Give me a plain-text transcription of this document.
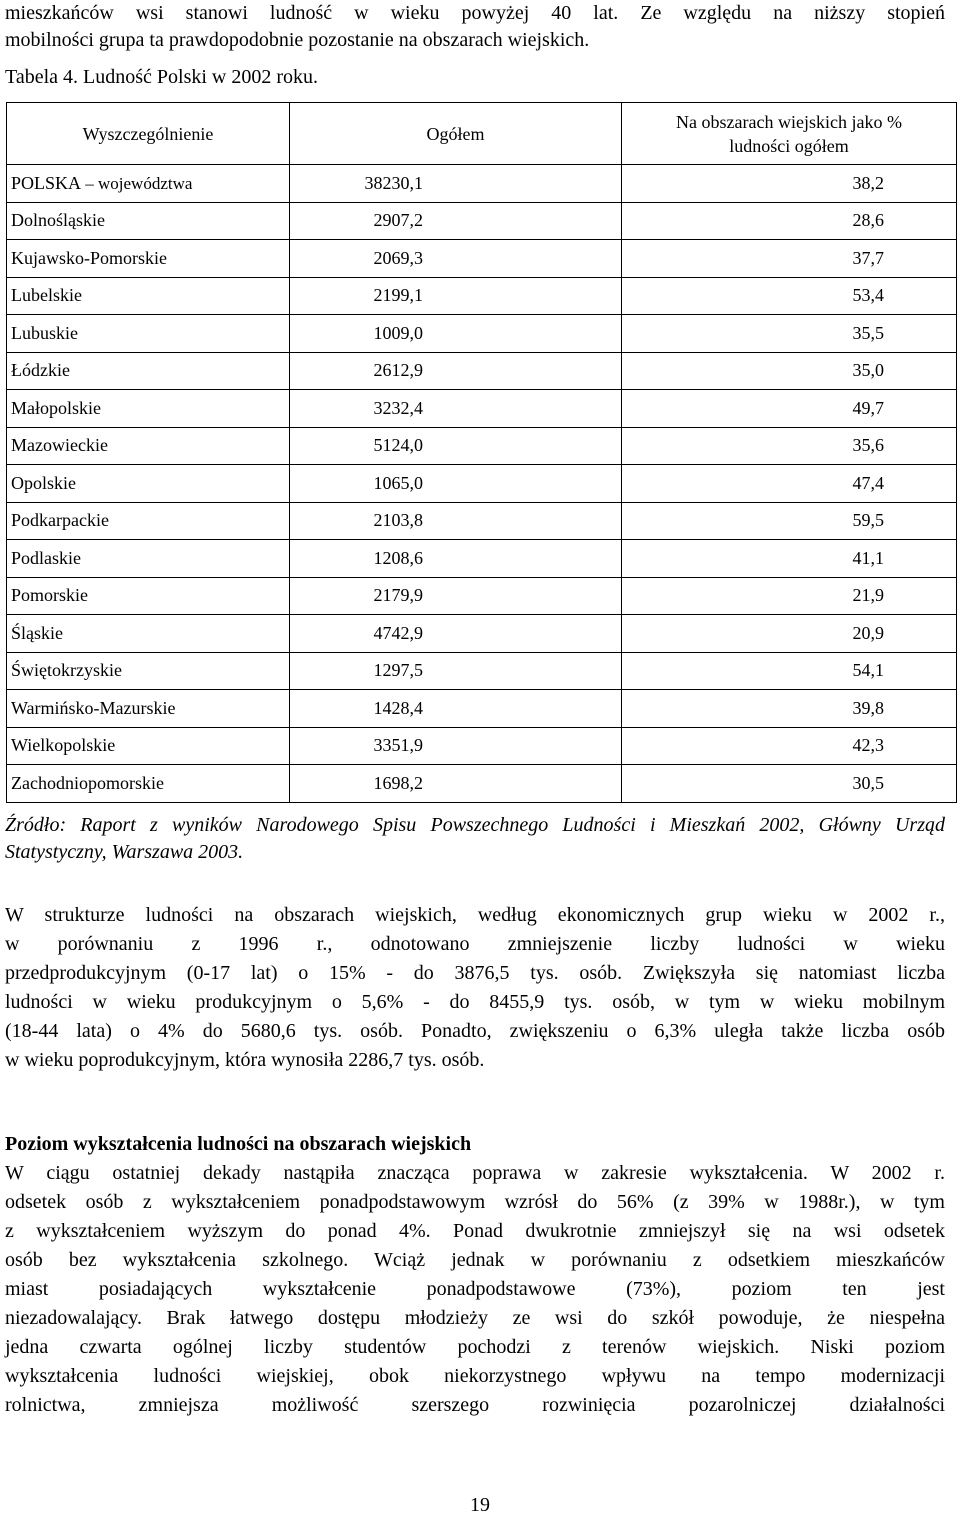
mieszkańców wsi stanowi ludność w wieku powyżej 40 lat. Ze względu na niższy stopień

mobilności grupa ta prawdopodobnie pozostanie na obszarach wiejskich.

Tabela 4. Ludność Polski w 2002 roku.

Wyszczególnienie	Ogółem	Na obszarach wiejskich jako %
ludności ogółem
POLSKA – województwa	38230,1	38,2
Dolnośląskie	2907,2	28,6
Kujawsko-Pomorskie	2069,3	37,7
Lubelskie	2199,1	53,4
Lubuskie	1009,0	35,5
Łódzkie	2612,9	35,0
Małopolskie	3232,4	49,7
Mazowieckie	5124,0	35,6
Opolskie	1065,0	47,4
Podkarpackie	2103,8	59,5
Podlaskie	1208,6	41,1
Pomorskie	2179,9	21,9
Śląskie	4742,9	20,9
Świętokrzyskie	1297,5	54,1
Warmińsko-Mazurskie	1428,4	39,8
Wielkopolskie	3351,9	42,3
Zachodniopomorskie	1698,2	30,5
Źródło: Raport z wyników Narodowego Spisu Powszechnego Ludności i Mieszkań 2002, Główny Urząd
Statystyczny, Warszawa 2003.
W strukturze ludności na obszarach wiejskich, według ekonomicznych grup wieku w 2002 r.,
w porównaniu z 1996 r., odnotowano zmniejszenie liczby ludności w wieku
przedprodukcyjnym (0-17 lat) o 15% - do 3876,5 tys. osób. Zwiększyła się natomiast liczba
ludności w wieku produkcyjnym o 5,6% - do 8455,9 tys. osób, w tym w wieku mobilnym
(18-44 lata) o 4% do 5680,6 tys. osób. Ponadto, zwiększeniu o 6,3% uległa także liczba osób
w wieku poprodukcyjnym, która wynosiła 2286,7 tys. osób.
Poziom wykształcenia ludności na obszarach wiejskich
W ciągu ostatniej dekady nastąpiła znacząca poprawa w zakresie wykształcenia. W 2002 r.
odsetek osób z wykształceniem ponadpodstawowym wzrósł do 56% (z 39% w 1988r.), w tym
z wykształceniem wyższym do ponad 4%. Ponad dwukrotnie zmniejszył się na wsi odsetek
osób bez wykształcenia szkolnego. Wciąż jednak w porównaniu z odsetkiem mieszkańców
miast posiadających wykształcenie ponadpodstawowe (73%), poziom ten jest
niezadowalający. Brak łatwego dostępu młodzieży ze wsi do szkół powoduje, że niespełna
jedna czwarta ogólnej liczby studentów pochodzi z terenów wiejskich. Niski poziom
wykształcenia ludności wiejskiej, obok niekorzystnego wpływu na tempo modernizacji
rolnictwa, zmniejsza możliwość szerszego rozwinięcia pozarolniczej działalności

19
